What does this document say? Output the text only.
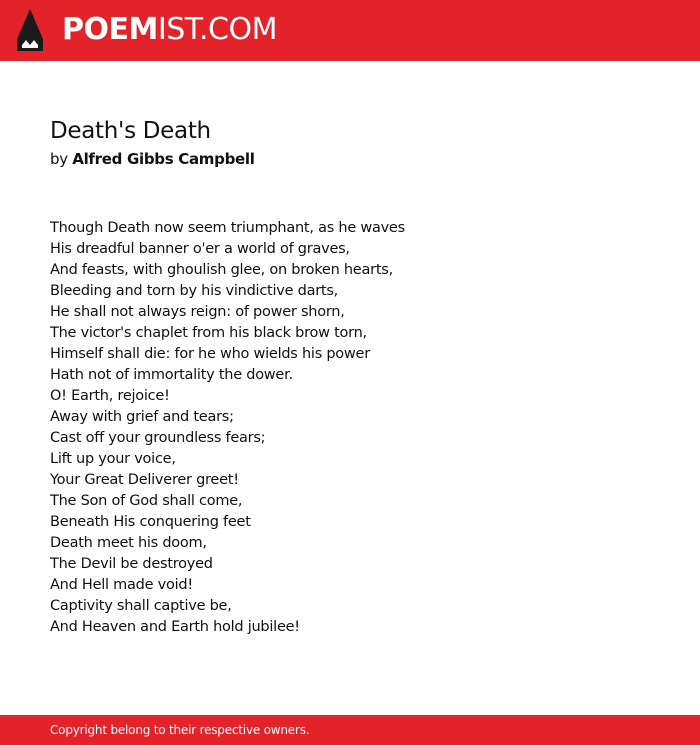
POEMIST.COM
Death's Death
by Alfred Gibbs Campbell
Though Death now seem triumphant, as he waves
His dreadful banner o'er a world of graves,
And feasts, with ghoulish glee, on broken hearts,
Bleeding and torn by his vindictive darts,
He shall not always reign: of power shorn,
The victor's chaplet from his black brow torn,
Himself shall die: for he who wields his power
Hath not of immortality the dower.
O! Earth, rejoice!
Away with grief and tears;
Cast off your groundless fears;
Lift up your voice,
Your Great Deliverer greet!
The Son of God shall come,
Beneath His conquering feet
Death meet his doom,
The Devil be destroyed
And Hell made void!
Captivity shall captive be,
And Heaven and Earth hold jubilee!
Copyright belong to their respective owners.
